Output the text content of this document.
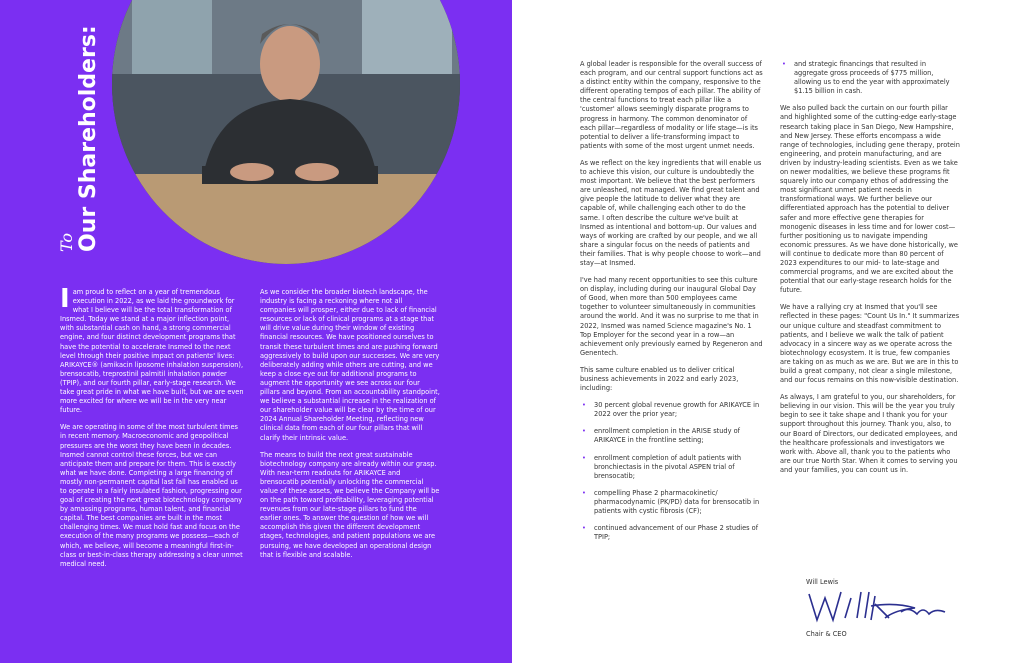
To Our Shareholders:

Iam proud to reflect on a year of tremendous execution in 2022, as we laid the groundwork for what I believe will be the total transformation of Insmed. Today we stand at a major inflection point, with substantial cash on hand, a strong commercial engine, and four distinct development programs that have the potential to accelerate Insmed to the next level through their positive impact on patients' lives: ARIKAYCE® (amikacin liposome inhalation suspension), brensocatib, treprostinil palmitil inhalation powder (TPIP), and our fourth pillar, early-stage research. We take great pride in what we have built, but we are even more excited for where we will be in the very near future.

We are operating in some of the most turbulent times in recent memory. Macroeconomic and geopolitical pressures are the worst they have been in decades. Insmed cannot control these forces, but we can anticipate them and prepare for them. This is exactly what we have done. Completing a large financing of mostly non-permanent capital last fall has enabled us to operate in a fairly insulated fashion, progressing our goal of creating the next great biotechnology company by amassing programs, human talent, and financial capital. The best companies are built in the most challenging times. We must hold fast and focus on the execution of the many programs we possess—each of which, we believe, will become a meaningful first-in-class or best-in-class therapy addressing a clear unmet medical need.

As we consider the broader biotech landscape, the industry is facing a reckoning where not all companies will prosper, either due to lack of financial resources or lack of clinical programs at a stage that will drive value during their window of existing financial resources. We have positioned ourselves to transit these turbulent times and are pushing forward aggressively to build upon our successes. We are very deliberately adding while others are cutting, and we keep a close eye out for additional programs to augment the opportunity we see across our four pillars and beyond. From an accountability standpoint, we believe a substantial increase in the realization of our shareholder value will be clear by the time of our 2024 Annual Shareholder Meeting, reflecting new clinical data from each of our four pillars that will clarify their intrinsic value.

The means to build the next great sustainable biotechnology company are already within our grasp. With near-term readouts for ARIKAYCE and brensocatib potentially unlocking the commercial value of these assets, we believe the Company will be on the path toward profitability, leveraging potential revenues from our late-stage pillars to fund the earlier ones. To answer the question of how we will accomplish this given the different development stages, technologies, and patient populations we are pursuing, we have developed an operational design that is flexible and scalable.

A global leader is responsible for the overall success of each program, and our central support functions act as a distinct entity within the company, responsive to the different operating tempos of each pillar. The ability of the central functions to treat each pillar like a 'customer' allows seemingly disparate programs to progress in harmony. The common denominator of each pillar—regardless of modality or life stage—is its potential to deliver a life-transforming impact to patients with some of the most urgent unmet needs.

As we reflect on the key ingredients that will enable us to achieve this vision, our culture is undoubtedly the most important. We believe that the best performers are unleashed, not managed. We find great talent and give people the latitude to deliver what they are capable of, while challenging each other to do the same. I often describe the culture we've built at Insmed as intentional and bottom-up. Our values and ways of working are crafted by our people, and we all share a singular focus on the needs of patients and their families. That is why people choose to work—and stay—at Insmed.

I've had many recent opportunities to see this culture on display, including during our inaugural Global Day of Good, when more than 500 employees came together to volunteer simultaneously in communities around the world. And it was no surprise to me that in 2022, Insmed was named Science magazine's No. 1 Top Employer for the second year in a row—an achievement only previously earned by Regeneron and Genentech.

This same culture enabled us to deliver critical business achievements in 2022 and early 2023, including:

• 30 percent global revenue growth for ARIKAYCE in 2022 over the prior year;
• enrollment completion in the ARISE study of ARIKAYCE in the frontline setting;
• enrollment completion of adult patients with bronchiectasis in the pivotal ASPEN trial of brensocatib;
• compelling Phase 2 pharmacokinetic/ pharmacodynamic (PK/PD) data for brensocatib in patients with cystic fibrosis (CF);
• continued advancement of our Phase 2 studies of TPIP;
• and strategic financings that resulted in aggregate gross proceeds of $775 million, allowing us to end the year with approximately $1.15 billion in cash.

We also pulled back the curtain on our fourth pillar and highlighted some of the cutting-edge early-stage research taking place in San Diego, New Hampshire, and New Jersey. These efforts encompass a wide range of technologies, including gene therapy, protein engineering, and protein manufacturing, and are driven by industry-leading scientists. Even as we take on newer modalities, we believe these programs fit squarely into our company ethos of addressing the most significant unmet patient needs in transformational ways. We further believe our differentiated approach has the potential to deliver safer and more effective gene therapies for monogenic diseases in less time and for lower cost—further positioning us to navigate impending economic pressures. As we have done historically, we will continue to dedicate more than 80 percent of 2023 expenditures to our mid- to late-stage and commercial programs, and we are excited about the potential that our early-stage research holds for the future.

We have a rallying cry at Insmed that you'll see reflected in these pages: "Count Us In." It summarizes our unique culture and steadfast commitment to patients, and I believe we walk the talk of patient advocacy in a sincere way as we operate across the biotechnology ecosystem. It is true, few companies are taking on as much as we are. But we are in this to build a great company, not clear a single milestone, and our focus remains on this now-visible destination.

As always, I am grateful to you, our shareholders, for believing in our vision. This will be the year you truly begin to see it take shape and I thank you for your support throughout this journey. Thank you, also, to our Board of Directors, our dedicated employees, and the healthcare professionals and investigators we work with. Above all, thank you to the patients who are our true North Star. When it comes to serving you and your families, you can count us in.

Will Lewis
Chair & CEO
